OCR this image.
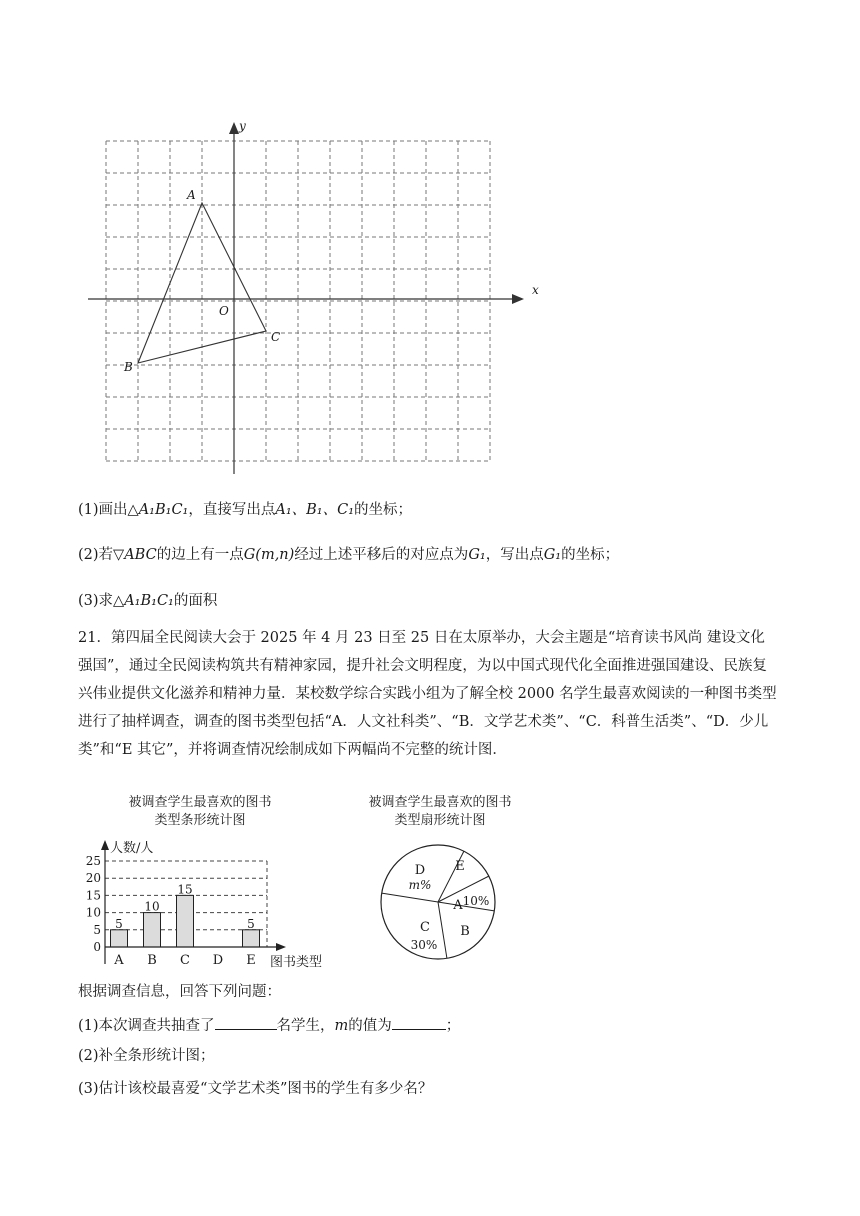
x
y
O
A
B
C
(1)画出△A₁B₁C₁，直接写出点A₁、B₁、C₁的坐标；
(2)若▽ABC的边上有一点G(m,n)经过上述平移后的对应点为G₁，写出点G₁的坐标；
(3)求△A₁B₁C₁的面积
21．第四届全民阅读大会于 2025 年 4 月 23 日至 25 日在太原举办，大会主题是“培育读书风尚 建设文化强国”，通过全民阅读构筑共有精神家园，提升社会文明程度，为以中国式现代化全面推进强国建设、民族复兴伟业提供文化滋养和精神力量．某校数学综合实践小组为了解全校 2000 名学生最喜欢阅读的一种图书类型进行了抽样调查，调查的图书类型包括“A．人文社科类”、“B．文学艺术类”、“C．科普生活类”、“D．少儿类”和“E 其它”，并将调查情况绘制成如下两幅尚不完整的统计图．
被调查学生最喜欢的图书
类型条形统计图
被调查学生最喜欢的图书
类型扇形统计图
0
5
10
15
20
25
5
10
15
5
A B C D E
人数/人
图书类型
A 10%
B
C
30%
D
m%
E
根据调查信息，回答下列问题：
(1)本次调查共抽查了	名学生，m的值为	；
(2)补全条形统计图；
(3)估计该校最喜爱“文学艺术类”图书的学生有多少名？
